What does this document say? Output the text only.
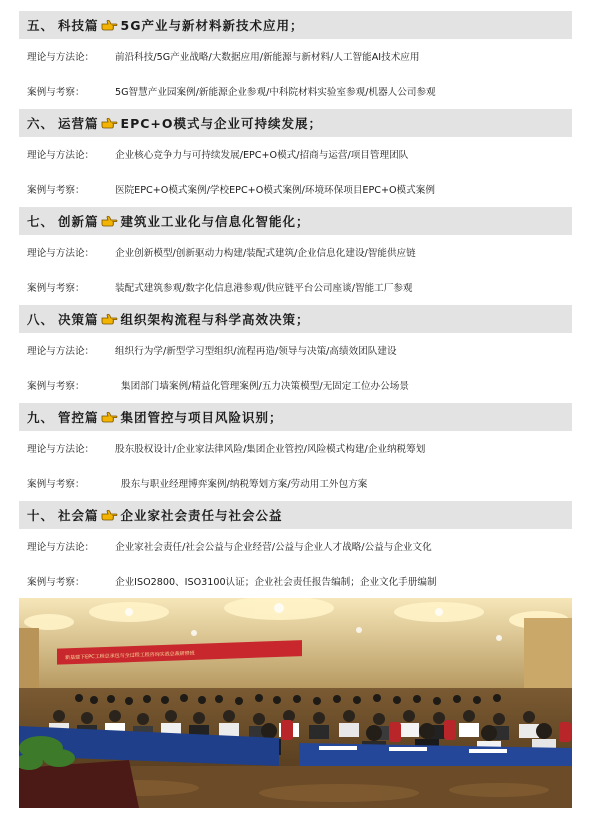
五、 科技篇 5G产业与新材料新技术应用；
理论与方法论：	前沿科技/5G产业战略/大数据应用/新能源与新材料/人工智能AI技术应用
案例与考察：	5G智慧产业园案例/新能源企业参观/中科院材料实验室参观/机器人公司参观
六、 运营篇 EPC+O模式与企业可持续发展；
理论与方法论：	企业核心竞争力与可持续发展/EPC+O模式/招商与运营/项目管理团队
案例与考察：	医院EPC+O模式案例/学校EPC+O模式案例/环境环保项目EPC+O模式案例
七、 创新篇 建筑业工业化与信息化智能化；
理论与方法论：	企业创新模型/创新驱动力构建/装配式建筑/企业信息化建设/智能供应链
案例与考察：	装配式建筑参观/数字化信息港参观/供应链平台公司座谈/智能工厂参观
八、 决策篇 组织架构流程与科学高效决策；
理论与方法论：	组织行为学/新型学习型组织/流程再造/领导与决策/高绩效团队建设
案例与考察：	集团部门墙案例/精益化管理案例/五力决策模型/无固定工位办公场景
九、 管控篇 集团管控与项目风险识别；
理论与方法论：	股东股权设计/企业家法律风险/集团企业管控/风险模式构建/企业纳税筹划
案例与考察：	股东与职业经理博弈案例/纳税筹划方案/劳动用工外包方案
十、 社会篇 企业家社会责任与社会公益
理论与方法论：	企业家社会责任/社会公益与企业经营/公益与企业人才战略/公益与企业文化
案例与考察：	企业ISO2800、ISO3100认证；企业社会责任报告编制；企业文化手册编制
新基建下EPC工程总承包与全过程工程咨询实战总裁研修班
